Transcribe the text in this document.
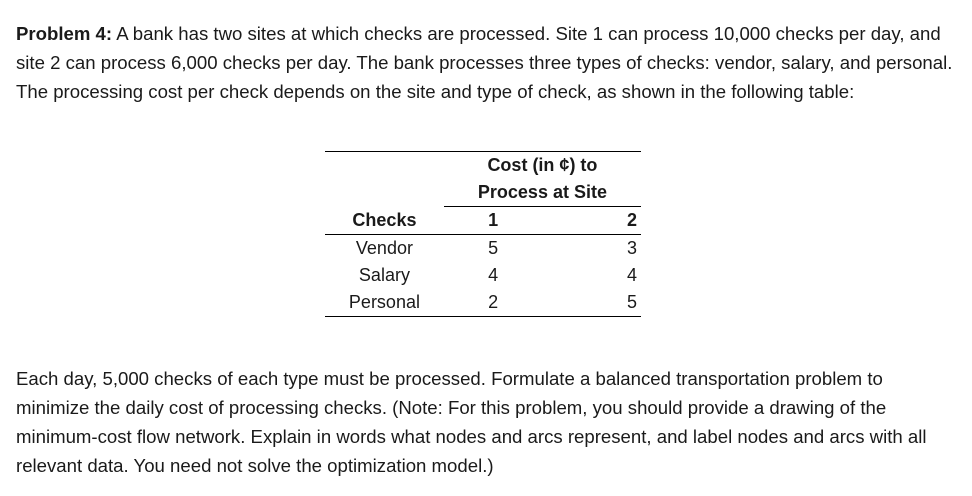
Problem 4: A bank has two sites at which checks are processed. Site 1 can process 10,000 checks per day, and site 2 can process 6,000 checks per day. The bank processes three types of checks: vendor, salary, and personal. The processing cost per check depends on the site and type of check, as shown in the following table:

	Cost (in ¢) to	
	Process at Site	
Checks	1	2
Vendor	5	3
Salary	4	4
Personal	2	5

Each day, 5,000 checks of each type must be processed. Formulate a balanced transportation problem to minimize the daily cost of processing checks. (Note: For this problem, you should provide a drawing of the minimum-cost flow network. Explain in words what nodes and arcs represent, and label nodes and arcs with all relevant data. You need not solve the optimization model.)
